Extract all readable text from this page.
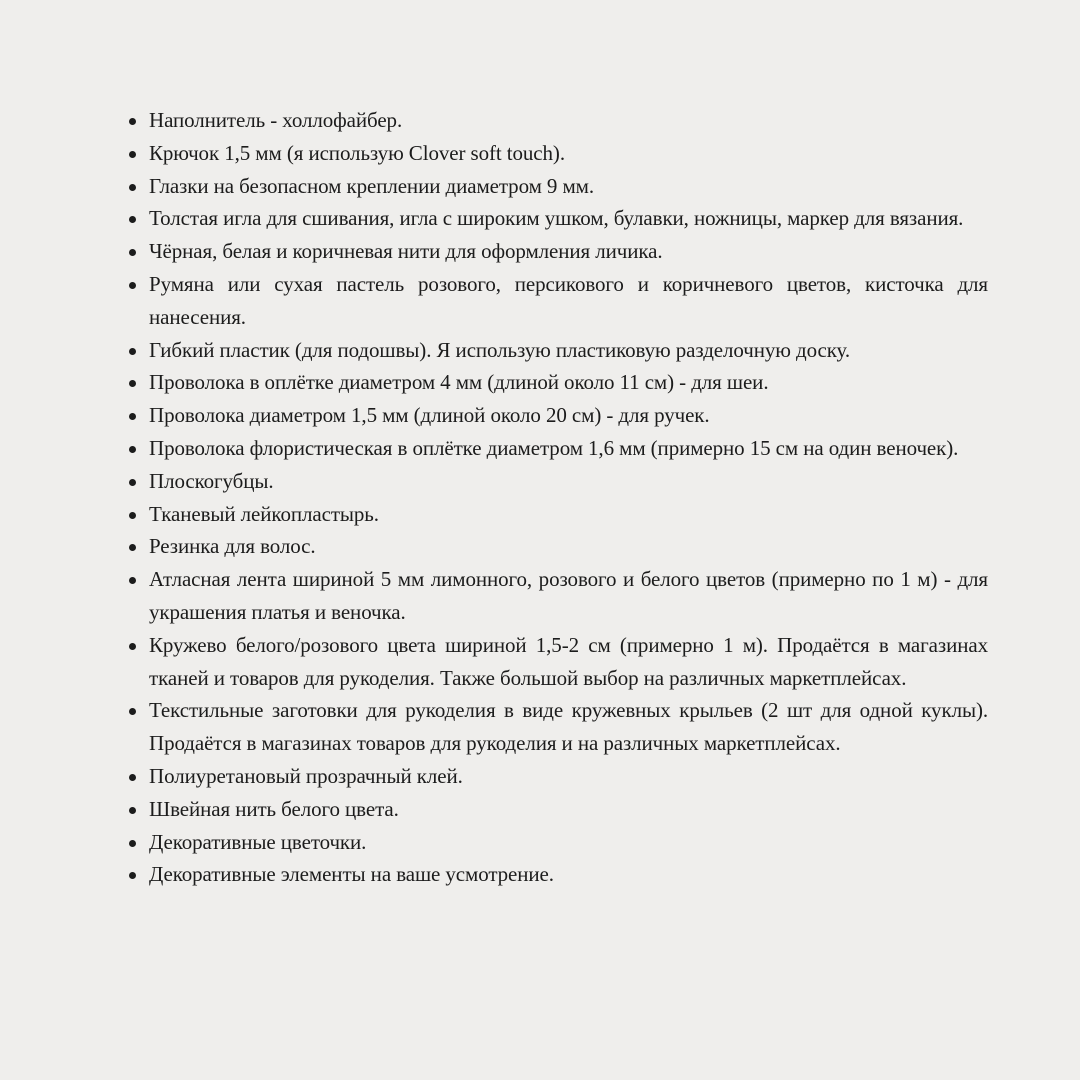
Наполнитель - холлофайбер.
Крючок 1,5 мм (я использую Clover soft touch).
Глазки на безопасном креплении диаметром 9 мм.
Толстая игла для сшивания, игла с широким ушком, булавки, ножницы, маркер для вязания.
Чёрная, белая и коричневая нити для оформления личика.
Румяна или сухая пастель розового, персикового и коричневого цветов, кисточка для нанесения.
Гибкий пластик (для подошвы). Я использую пластиковую разделочную доску.
Проволока в оплётке диаметром 4 мм (длиной около 11 см) - для шеи.
Проволока диаметром 1,5 мм (длиной около 20 см) - для ручек.
Проволока флористическая в оплётке диаметром 1,6 мм (примерно 15 см на один веночек).
Плоскогубцы.
Тканевый лейкопластырь.
Резинка для волос.
Атласная лента шириной 5 мм лимонного, розового и белого цветов (примерно по 1 м) - для украшения платья и веночка.
Кружево белого/розового цвета шириной 1,5-2 см (примерно 1 м). Продаётся в магазинах тканей и товаров для рукоделия. Также большой выбор на различных маркетплейсах.
Текстильные заготовки для рукоделия в виде кружевных крыльев (2 шт для одной куклы). Продаётся в магазинах товаров для рукоделия и на различных маркетплейсах.
Полиуретановый прозрачный клей.
Швейная нить белого цвета.
Декоративные цветочки.
Декоративные элементы на ваше усмотрение.
